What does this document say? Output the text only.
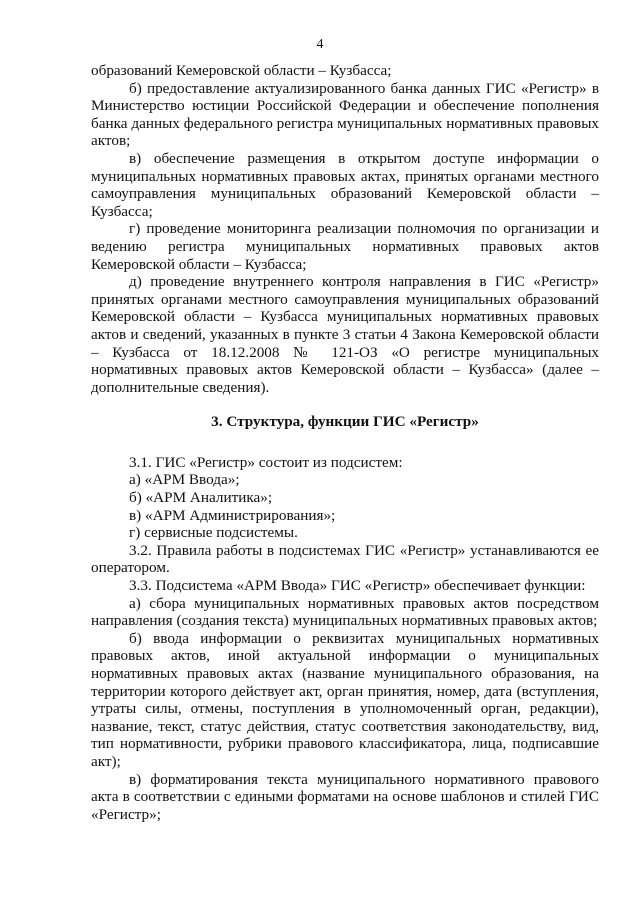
4

образований Кемеровской области – Кузбасса;

б) предоставление актуализированного банка данных ГИС «Регистр» в Министерство юстиции Российской Федерации и обеспечение пополнения банка данных федерального регистра муниципальных нормативных правовых актов;

в) обеспечение размещения в открытом доступе информации о муниципальных нормативных правовых актах, принятых органами местного самоуправления муниципальных образований Кемеровской области – Кузбасса;

г) проведение мониторинга реализации полномочия по организации и ведению регистра муниципальных нормативных правовых актов Кемеровской области – Кузбасса;

д) проведение внутреннего контроля направления в ГИС «Регистр» принятых органами местного самоуправления муниципальных образований Кемеровской области – Кузбасса муниципальных нормативных правовых актов и сведений, указанных в пункте 3 статьи 4 Закона Кемеровской области – Кузбасса от 18.12.2008 № 121-ОЗ «О регистре муниципальных нормативных правовых актов Кемеровской области – Кузбасса» (далее – дополнительные сведения).

3. Структура, функции ГИС «Регистр»

3.1. ГИС «Регистр» состоит из подсистем:

а) «АРМ Ввода»;

б) «АРМ Аналитика»;

в) «АРМ Администрирования»;

г) сервисные подсистемы.

3.2. Правила работы в подсистемах ГИС «Регистр» устанавливаются ее оператором.

3.3. Подсистема «АРМ Ввода» ГИС «Регистр» обеспечивает функции:

а) сбора муниципальных нормативных правовых актов посредством направления (создания текста) муниципальных нормативных правовых актов;

б) ввода информации о реквизитах муниципальных нормативных правовых актов, иной актуальной информации о муниципальных нормативных правовых актах (название муниципального образования, на территории которого действует акт, орган принятия, номер, дата (вступления, утраты силы, отмены, поступления в уполномоченный орган, редакции), название, текст, статус действия, статус соответствия законодательству, вид, тип нормативности, рубрики правового классификатора, лица, подписавшие акт);

в) форматирования текста муниципального нормативного правового акта в соответствии с едиными форматами на основе шаблонов и стилей ГИС «Регистр»;
